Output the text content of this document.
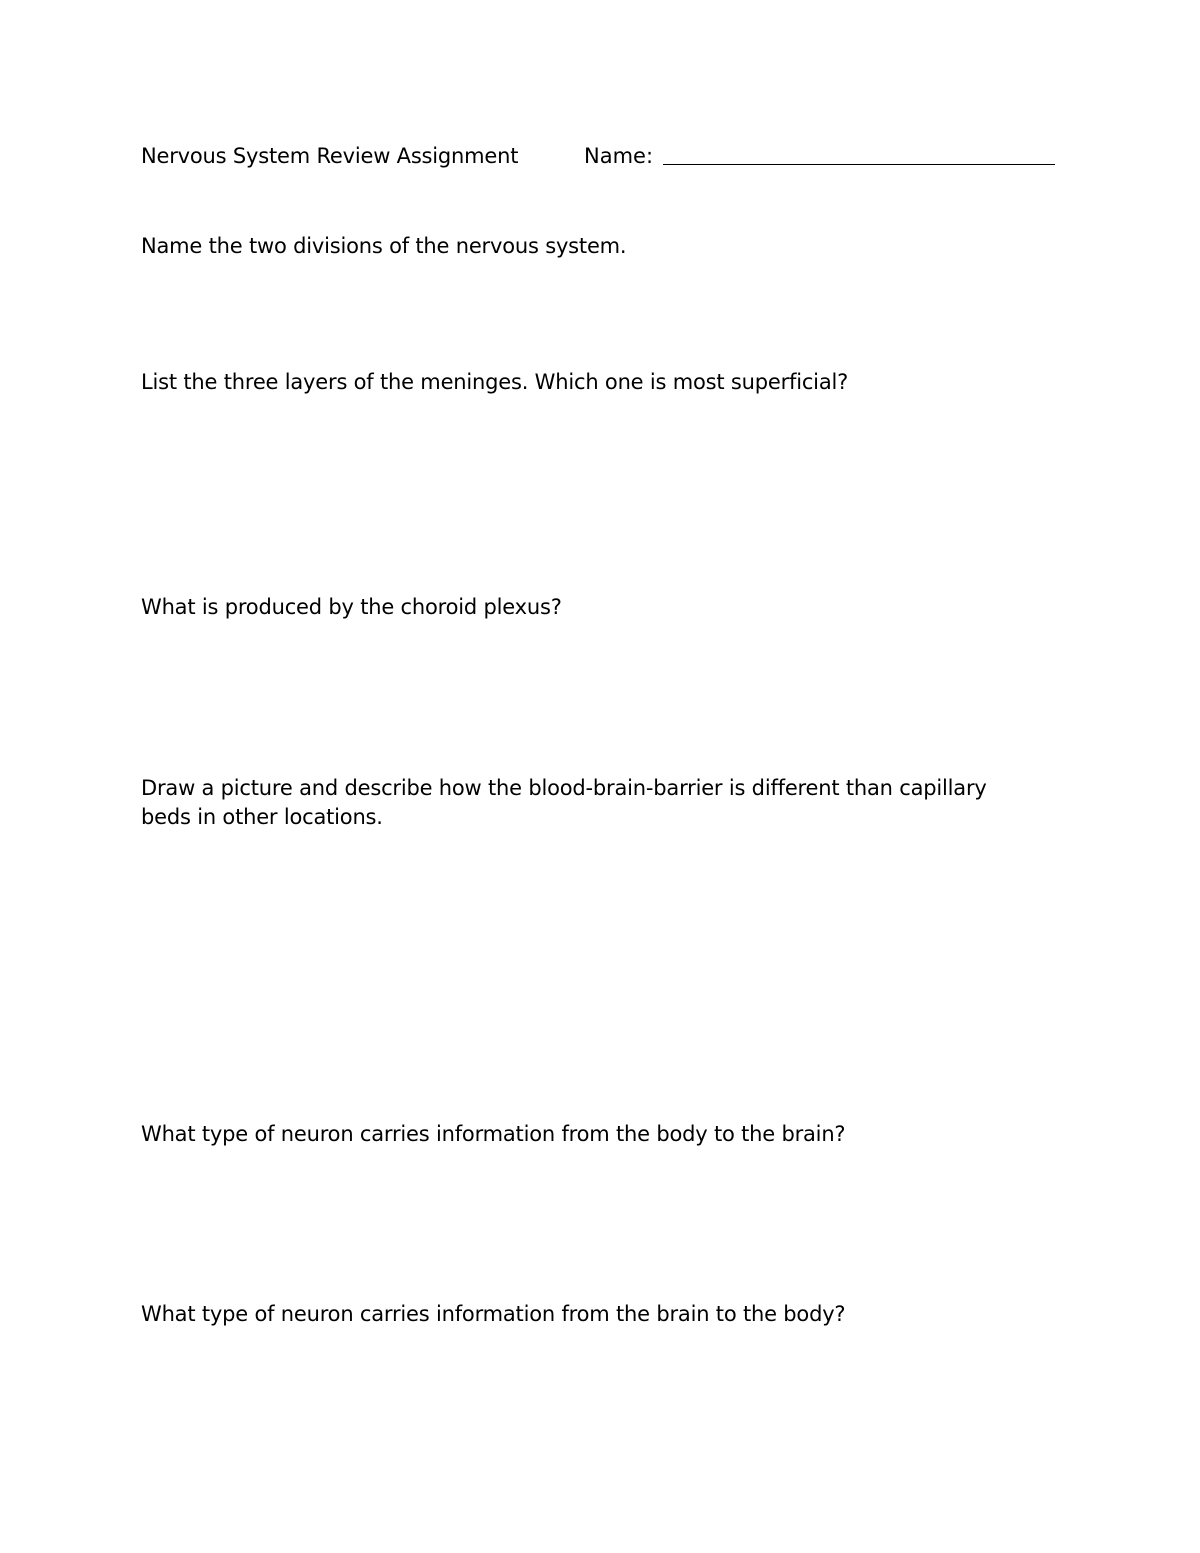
Nervous System Review Assignment	Name:
Name the two divisions of the nervous system.
List the three layers of the meninges. Which one is most superficial?
What is produced by the choroid plexus?
Draw a picture and describe how the blood-brain-barrier is different than capillary
beds in other locations.
What type of neuron carries information from the body to the brain?
What type of neuron carries information from the brain to the body?
